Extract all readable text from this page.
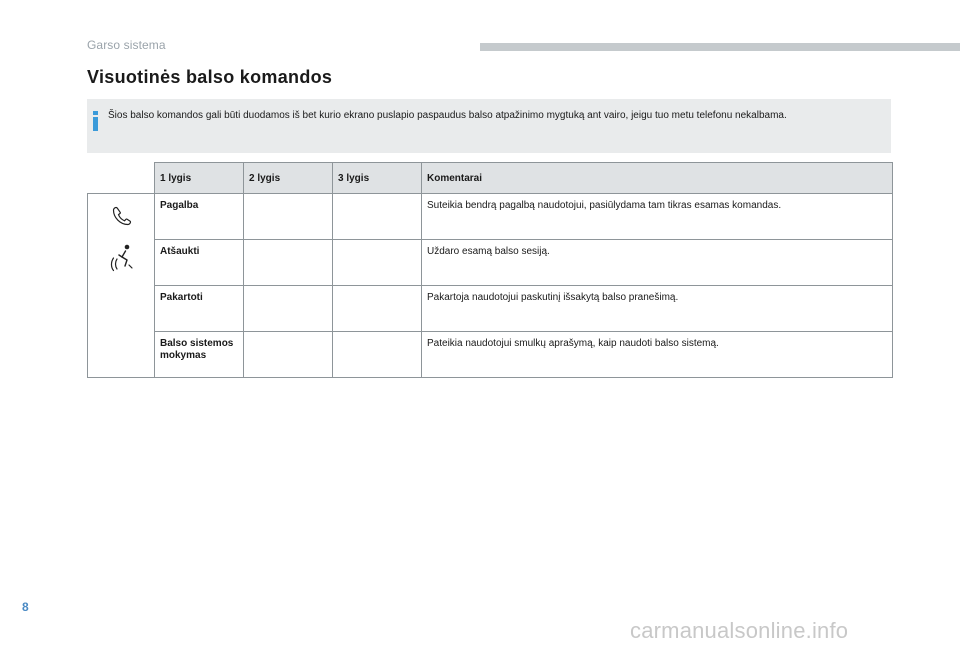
Garso sistema
Visuotinės balso komandos
Šios balso komandos gali būti duodamos iš bet kurio ekrano puslapio paspaudus balso atpažinimo mygtuką ant vairo, jeigu tuo metu telefonu nekalbama.
	1 lygis	2 lygis	3 lygis	Komentarai

	Pagalba			Suteikia bendrą pagalbą naudotojui, pasiūlydama tam tikras esamas komandas.
	Atšaukti			Uždaro esamą balso sesiją.
	Pakartoti			Pakartoja naudotojui paskutinį išsakytą balso pranešimą.
	Balso sistemos mokymas			Pateikia naudotojui smulkų aprašymą, kaip naudoti balso sistemą.
8
carmanualsonline.info
